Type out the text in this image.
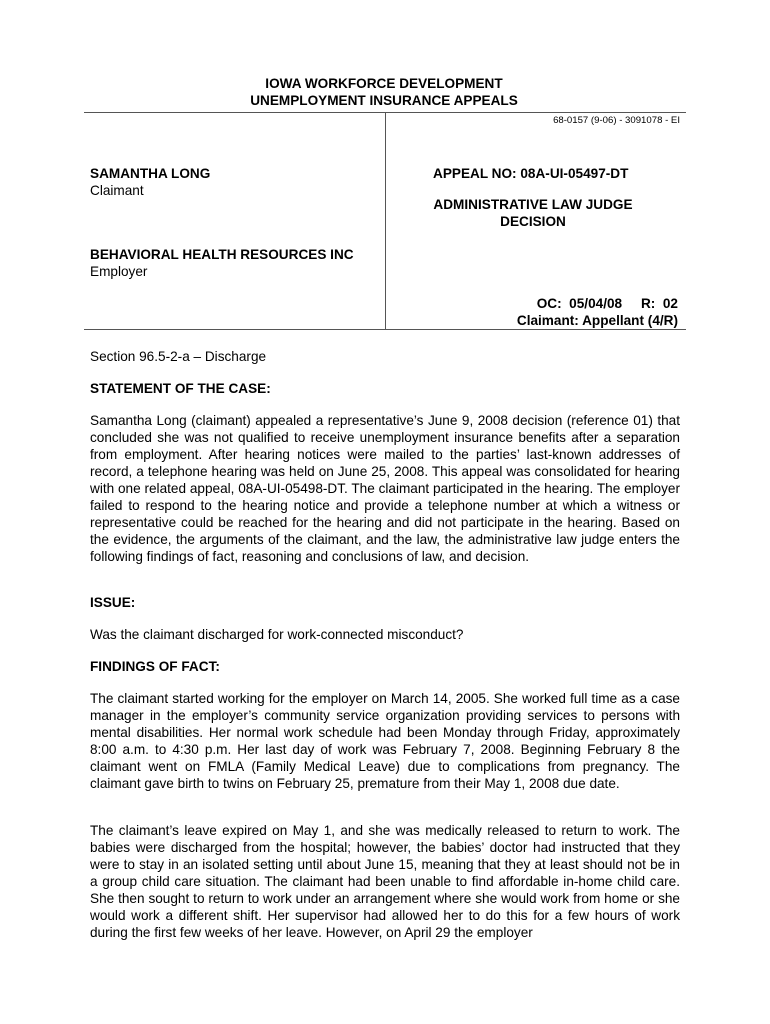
IOWA WORKFORCE DEVELOPMENT
UNEMPLOYMENT INSURANCE APPEALS
68-0157 (9-06) - 3091078 - EI
SAMANTHA LONG
Claimant
BEHAVIORAL HEALTH RESOURCES INC
Employer
APPEAL NO: 08A-UI-05497-DT
ADMINISTRATIVE LAW JUDGE
DECISION
OC:  05/04/08     R:  02
Claimant: Appellant (4/R)
Section 96.5-2-a – Discharge

STATEMENT OF THE CASE:

Samantha Long (claimant) appealed a representative’s June 9, 2008 decision (reference 01) that concluded she was not qualified to receive unemployment insurance benefits after a separation from employment. After hearing notices were mailed to the parties’ last-known addresses of record, a telephone hearing was held on June 25, 2008. This appeal was consolidated for hearing with one related appeal, 08A-UI-05498-DT. The claimant participated in the hearing. The employer failed to respond to the hearing notice and provide a telephone number at which a witness or representative could be reached for the hearing and did not participate in the hearing. Based on the evidence, the arguments of the claimant, and the law, the administrative law judge enters the following findings of fact, reasoning and conclusions of law, and decision.

ISSUE:

Was the claimant discharged for work-connected misconduct?

FINDINGS OF FACT:

The claimant started working for the employer on March 14, 2005. She worked full time as a case manager in the employer’s community service organization providing services to persons with mental disabilities. Her normal work schedule had been Monday through Friday, approximately 8:00 a.m. to 4:30 p.m. Her last day of work was February 7, 2008. Beginning February 8 the claimant went on FMLA (Family Medical Leave) due to complications from pregnancy. The claimant gave birth to twins on February 25, premature from their May 1, 2008 due date.

The claimant’s leave expired on May 1, and she was medically released to return to work. The babies were discharged from the hospital; however, the babies’ doctor had instructed that they were to stay in an isolated setting until about June 15, meaning that they at least should not be in a group child care situation. The claimant had been unable to find affordable in-home child care. She then sought to return to work under an arrangement where she would work from home or she would work a different shift. Her supervisor had allowed her to do this for a few hours of work during the first few weeks of her leave. However, on April 29 the employer
